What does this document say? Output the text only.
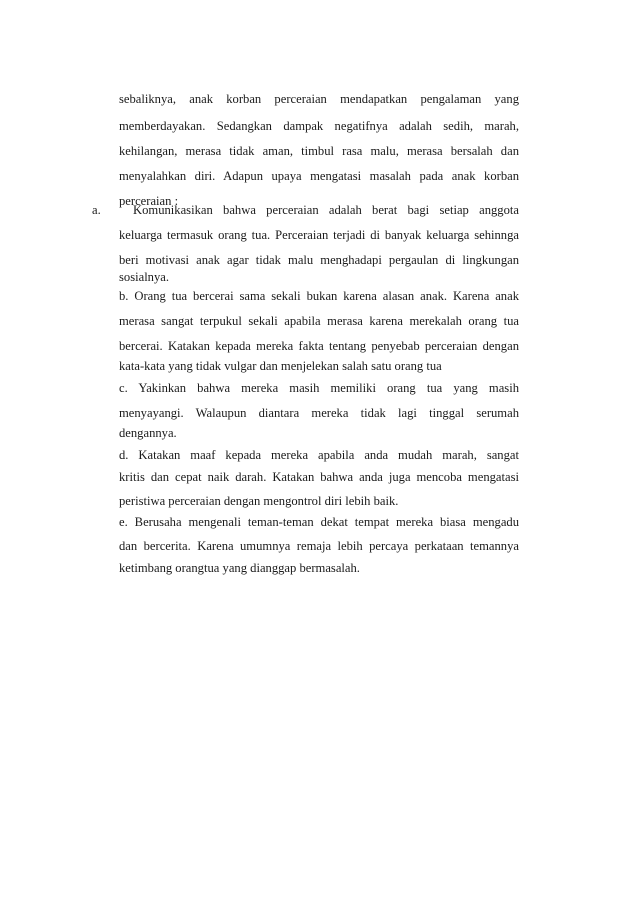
sebaliknya, anak korban perceraian mendapatkan pengalaman yang
memberdayakan. Sedangkan dampak negatifnya adalah sedih, marah,
kehilangan, merasa tidak aman, timbul rasa malu, merasa bersalah dan
menyalahkan diri. Adapun upaya mengatasi masalah pada anak korban
perceraian :
a.	Komunikasikan bahwa perceraian adalah berat bagi setiap anggota
keluarga termasuk orang tua. Perceraian terjadi di banyak keluarga sehinnga
beri motivasi anak agar tidak malu menghadapi pergaulan di lingkungan
sosialnya.
b. Orang tua bercerai sama sekali bukan karena alasan anak. Karena anak
merasa sangat terpukul sekali apabila merasa karena merekalah orang tua
bercerai. Katakan kepada mereka fakta tentang penyebab perceraian dengan
kata-kata yang tidak vulgar dan menjelekan salah satu orang tua
c. Yakinkan bahwa mereka masih memiliki orang tua yang masih
menyayangi. Walaupun diantara mereka tidak lagi tinggal serumah
dengannya.
d. Katakan maaf kepada mereka apabila anda mudah marah, sangat
kritis dan cepat naik darah. Katakan bahwa anda juga mencoba mengatasi
peristiwa perceraian dengan mengontrol diri lebih baik.
e. Berusaha mengenali teman-teman dekat tempat mereka biasa mengadu
dan bercerita. Karena umumnya remaja lebih percaya perkataan temannya
ketimbang orangtua yang dianggap bermasalah.
